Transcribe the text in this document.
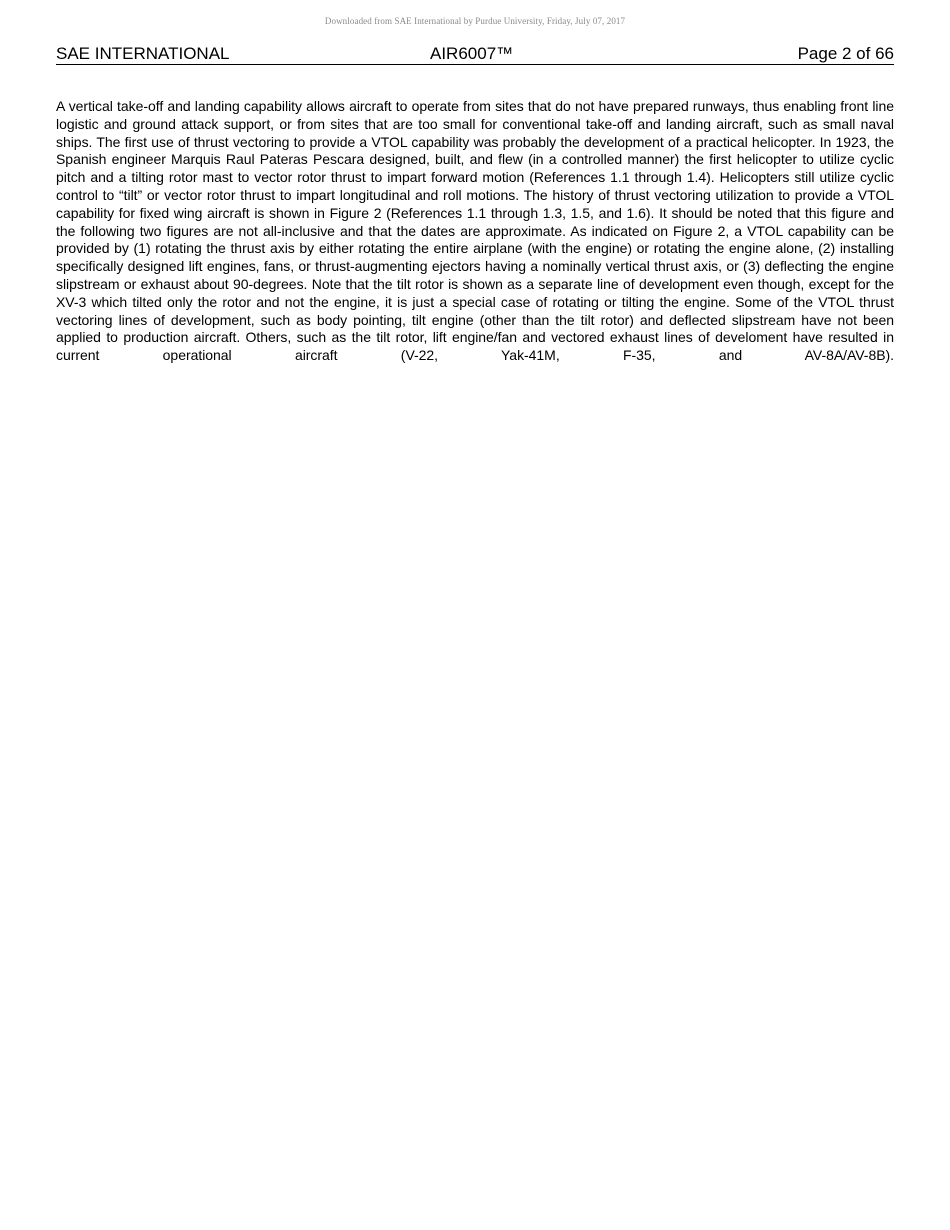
Downloaded from SAE International by Purdue University, Friday, July 07, 2017
SAE INTERNATIONAL	AIR6007™	Page 2 of 66

A vertical take-off and landing capability allows aircraft to operate from sites that do not have prepared runways, thus enabling front line logistic and ground attack support, or from sites that are too small for conventional take-off and landing aircraft, such as small naval ships. The first use of thrust vectoring to provide a VTOL capability was probably the development of a practical helicopter. In 1923, the Spanish engineer Marquis Raul Pateras Pescara designed, built, and flew (in a controlled manner) the first helicopter to utilize cyclic pitch and a tilting rotor mast to vector rotor thrust to impart forward motion (References 1.1 through 1.4). Helicopters still utilize cyclic control to “tilt” or vector rotor thrust to impart longitudinal and roll motions. The history of thrust vectoring utilization to provide a VTOL capability for fixed wing aircraft is shown in Figure 2 (References 1.1 through 1.3, 1.5, and 1.6). It should be noted that this figure and the following two figures are not all-inclusive and that the dates are approximate. As indicated on Figure 2, a VTOL capability can be provided by (1) rotating the thrust axis by either rotating the entire airplane (with the engine) or rotating the engine alone, (2) installing specifically designed lift engines, fans, or thrust-augmenting ejectors having a nominally vertical thrust axis, or (3) deflecting the engine slipstream or exhaust about 90-degrees. Note that the tilt rotor is shown as a separate line of development even though, except for the XV-3 which tilted only the rotor and not the engine, it is just a special case of rotating or tilting the engine. Some of the VTOL thrust vectoring lines of development, such as body pointing, tilt engine (other than the tilt rotor) and deflected slipstream have not been applied to production aircraft. Others, such as the tilt rotor, lift engine/fan and vectored exhaust lines of develoment have resulted in current operational aircraft (V-22, Yak-41M, F-35, and AV-8A/AV-8B).
